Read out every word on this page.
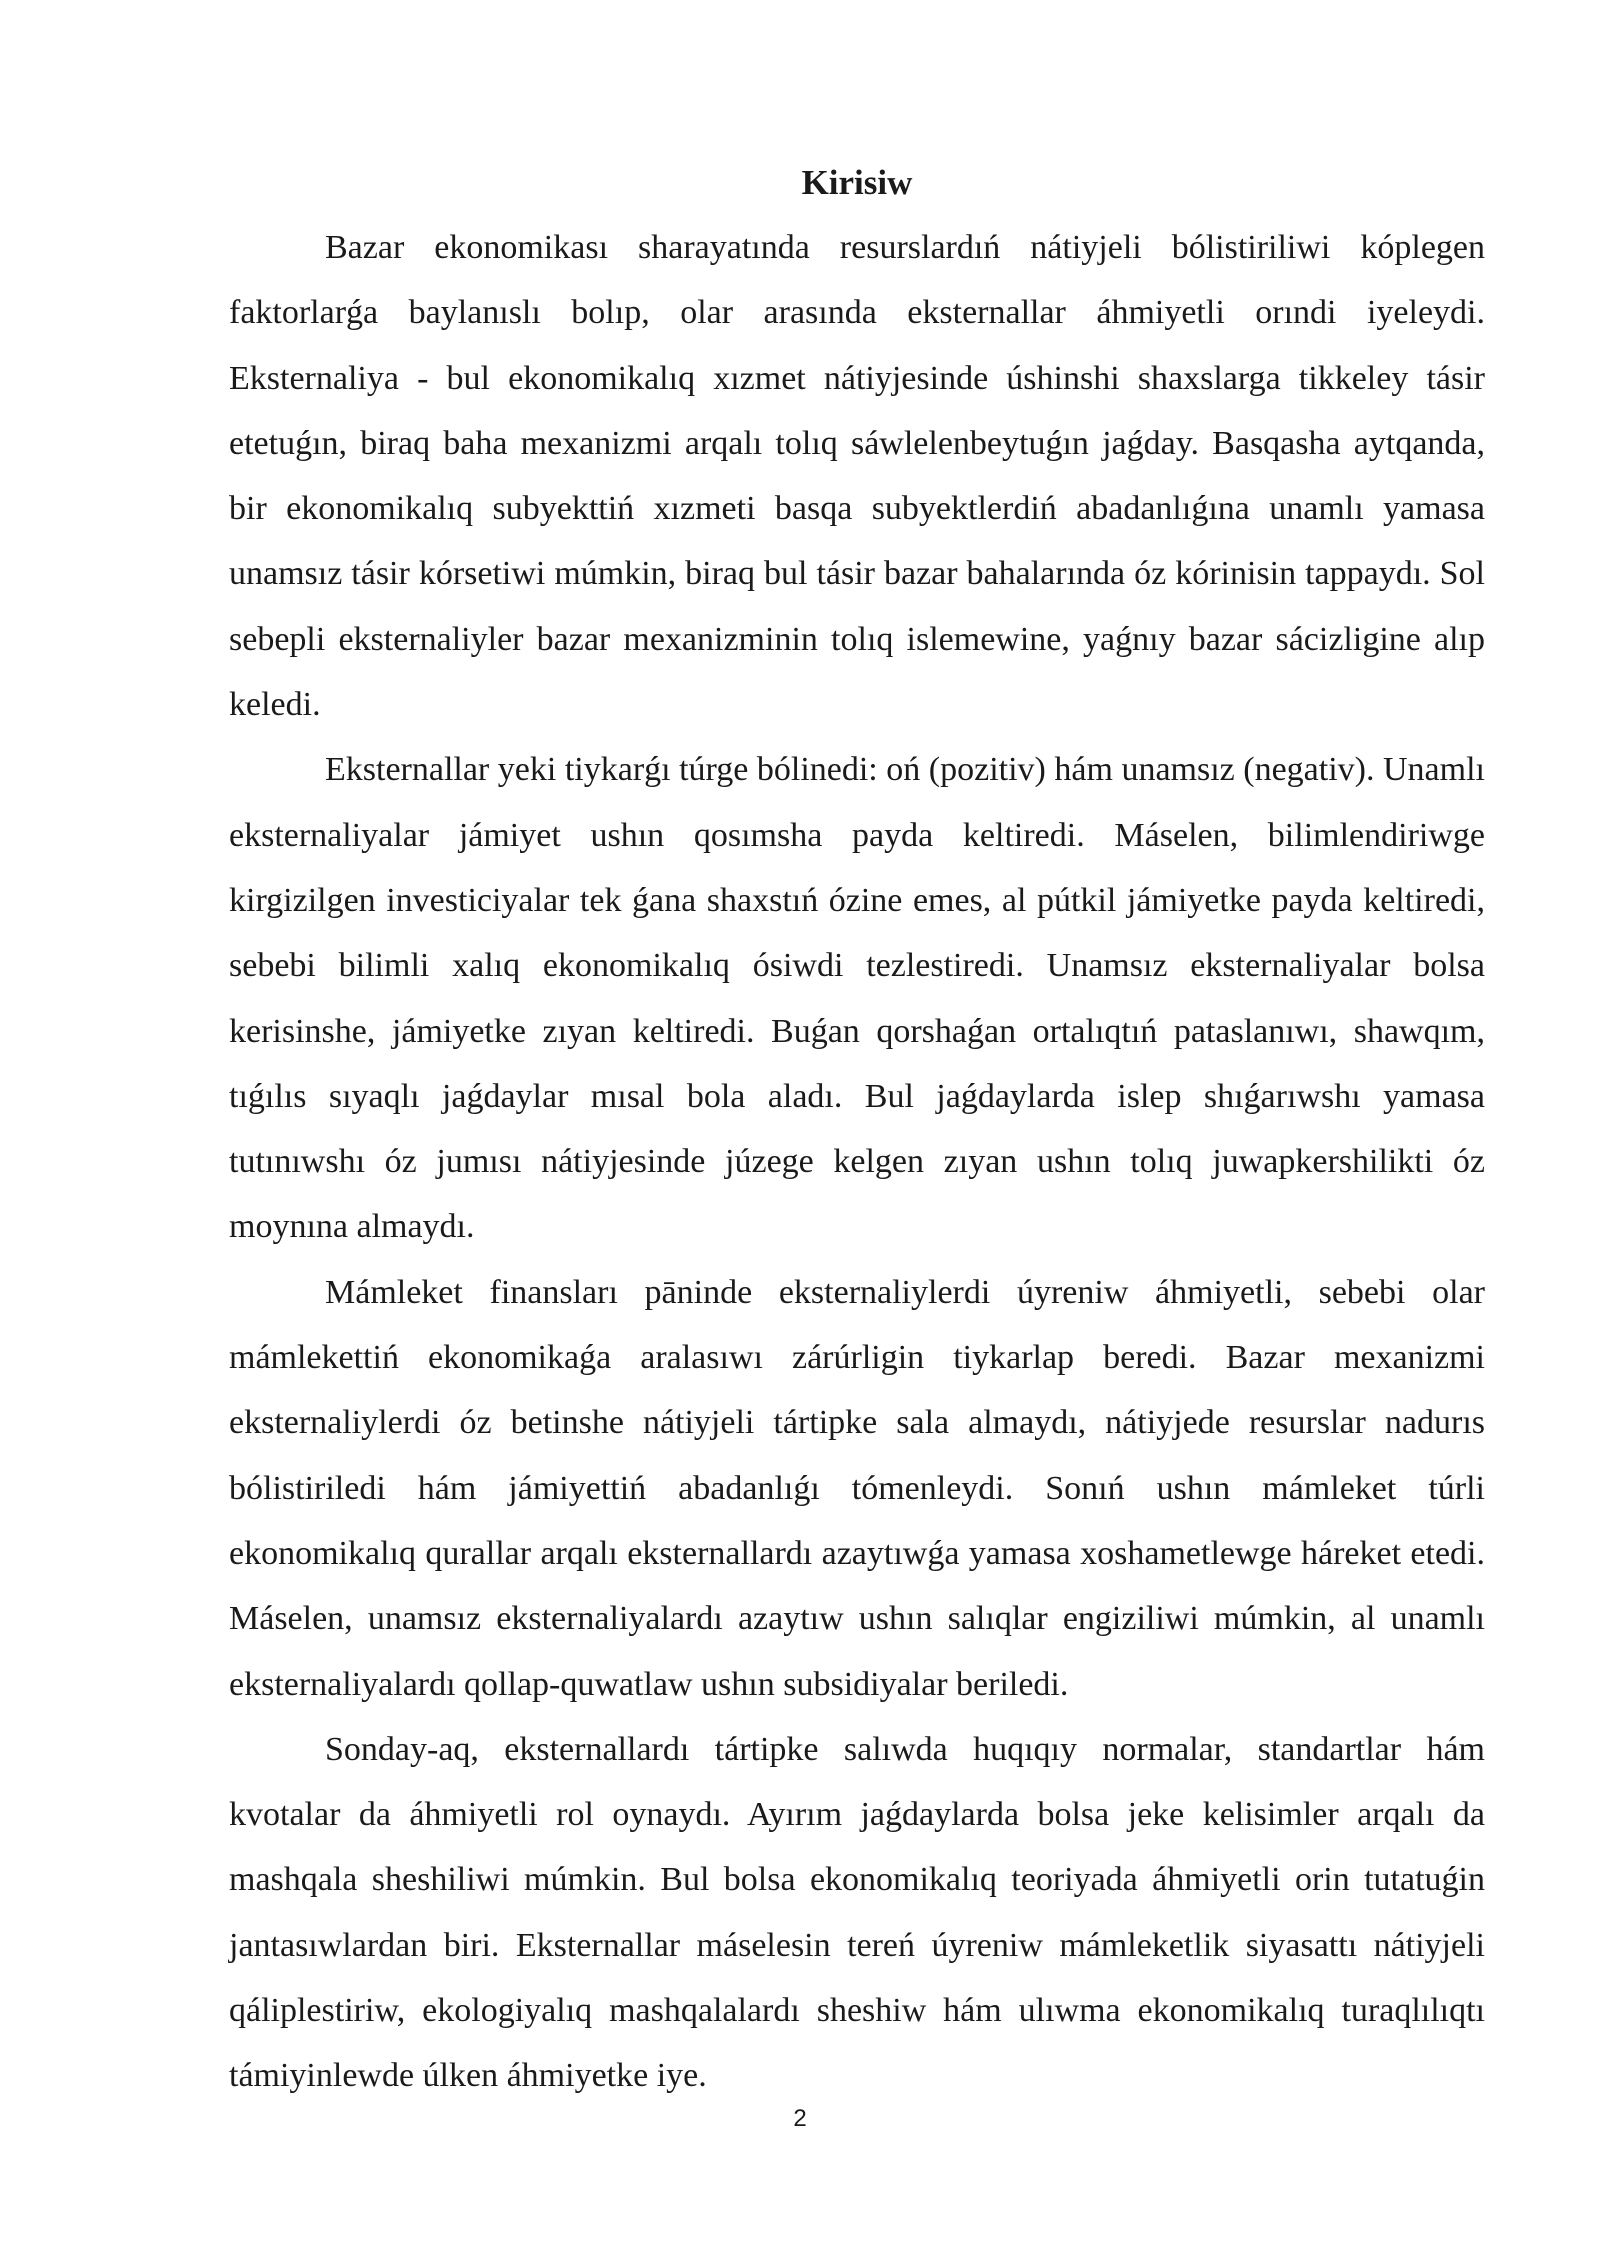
Kirisiw

Bazar ekonomikası sharayatında resurslardıń nátiyjeli bólistiriliwi kóplegen faktorlarǵa baylanıslı bolıp, olar arasında eksternallar áhmiyetli orındi iyeleydi. Eksternaliya - bul ekonomikalıq xızmet nátiyjesinde úshinshi shaxslarga tikkeley tásir etetuǵın, biraq baha mexanizmi arqalı tolıq sáwlelenbeytuǵın jaǵday. Basqasha aytqanda, bir ekonomikalıq subyekttiń xızmeti basqa subyektlerdiń abadanlıǵına unamlı yamasa unamsız tásir kórsetiwi múmkin, biraq bul tásir bazar bahalarında óz kórinisin tappaydı. Sol sebepli eksternaliyler bazar mexanizminin tolıq islemewine, yaǵnıy bazar sácizligine alıp keledi.

Eksternallar yeki tiykarǵı túrge bólinedi: oń (pozitiv) hám unamsız (negativ). Unamlı eksternaliyalar jámiyet ushın qosımsha payda keltiredi. Máselen, bilimlendiriwge kirgizilgen investiciyalar tek ǵana shaxstıń ózine emes, al pútkil jámiyetke payda keltiredi, sebebi bilimli xalıq ekonomikalıq ósiwdi tezlestiredi. Unamsız eksternaliyalar bolsa kerisinshe, jámiyetke zıyan keltiredi. Buǵan qorshaǵan ortalıqtıń pataslanıwı, shawqım, tıǵılıs sıyaqlı jaǵdaylar mısal bola aladı. Bul jaǵdaylarda islep shıǵarıwshı yamasa tutınıwshı óz jumısı nátiyjesinde júzege kelgen zıyan ushın tolıq juwapkershilikti óz moynına almaydı.

Mámleket finansları pāninde eksternaliylerdi úyreniw áhmiyetli, sebebi olar mámlekettiń ekonomikaǵa aralasıwı zárúrligin tiykarlap beredi. Bazar mexanizmi eksternaliylerdi óz betinshe nátiyjeli tártipke sala almaydı, nátiyjede resurslar nadurıs bólistiriledi hám jámiyettiń abadanlıǵı tómenleydi. Sonıń ushın mámleket túrli ekonomikalıq qurallar arqalı eksternallardı azaytıwǵa yamasa xoshametlewge háreket etedi. Máselen, unamsız eksternaliyalardı azaytıw ushın salıqlar engiziliwi múmkin, al unamlı eksternaliyalardı qollap-quwatlaw ushın subsidiyalar beriledi.

Sonday-aq, eksternallardı tártipke salıwda huqıqıy normalar, standartlar hám kvotalar da áhmiyetli rol oynaydı. Ayırım jaǵdaylarda bolsa jeke kelisimler arqalı da mashqala sheshiliwi múmkin. Bul bolsa ekonomikalıq teoriyada áhmiyetli orin tutatuǵin jantasıwlardan biri. Eksternallar máselesin tereń úyreniw mámleketlik siyasattı nátiyjeli qáliplestiriw, ekologiyalıq mashqalalardı sheshiw hám ulıwma ekonomikalıq turaqlılıqtı támiyinlewde úlken áhmiyetke iye.

2
